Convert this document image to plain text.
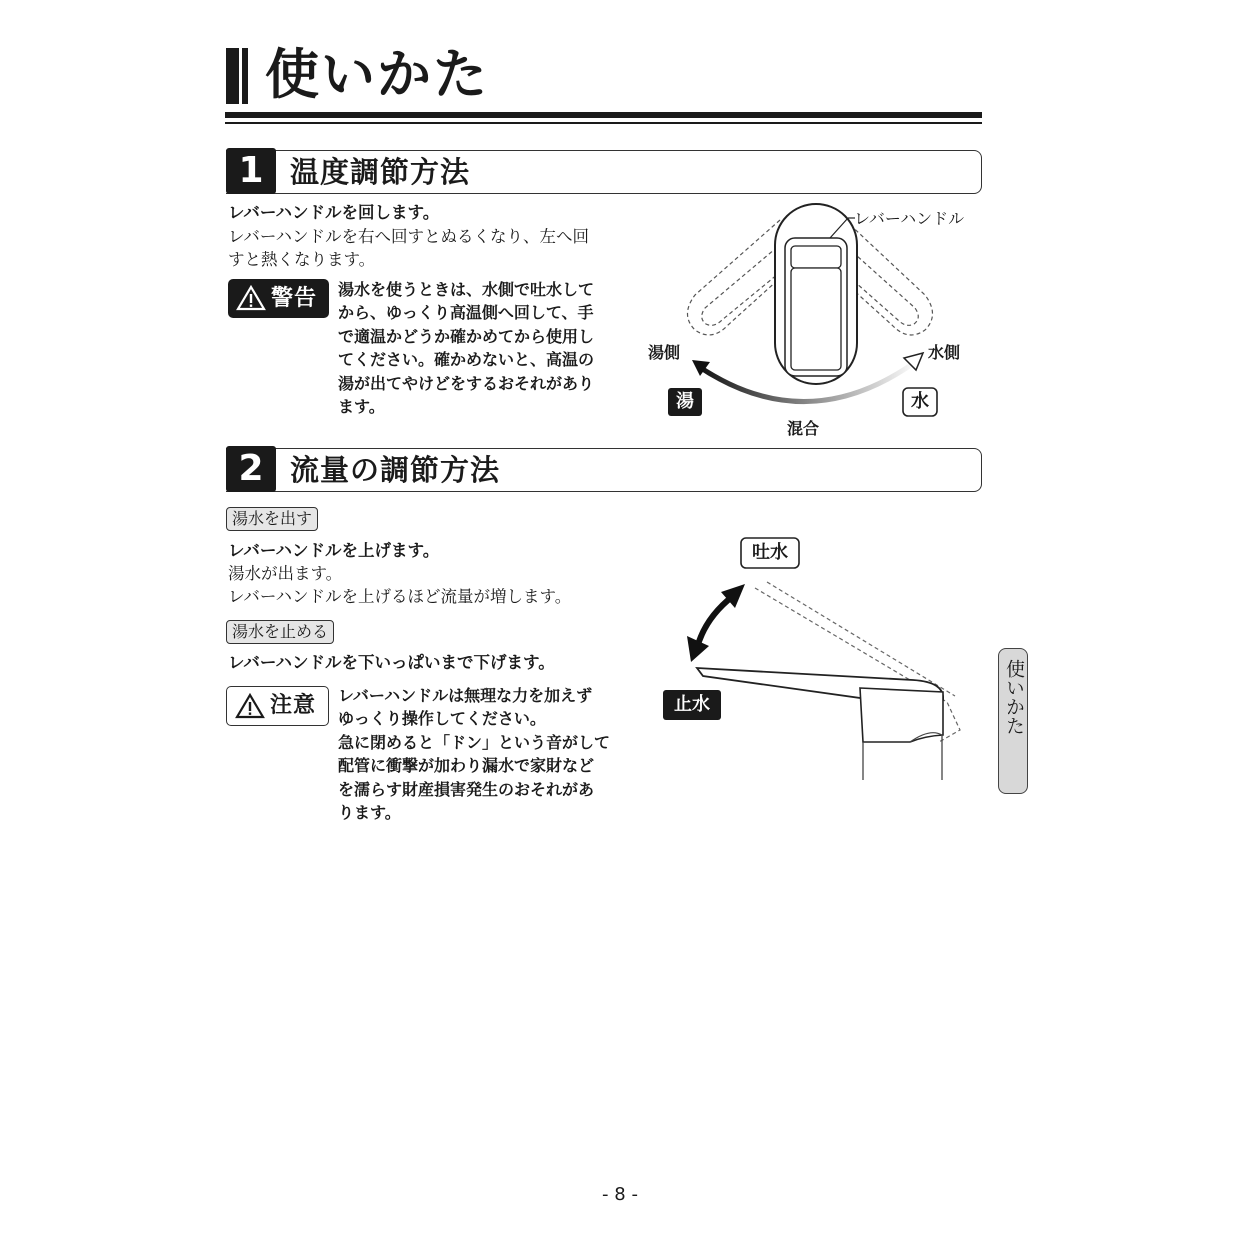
使いかた
1 温度調節方法
レバーハンドルを回します。
レバーハンドルを右へ回すとぬるくなり、左へ回
すと熱くなります。
警告 湯水を使うときは、水側で吐水して
から、ゆっくり高温側へ回して、手
で適温かどうか確かめてから使用し
てください。確かめないと、高温の
湯が出てやけどをするおそれがあり
ます。
レバーハンドル
湯側	水側
湯	水
混合
2 流量の調節方法
湯水を出す
レバーハンドルを上げます。
湯水が出ます。
レバーハンドルを上げるほど流量が増します。
湯水を止める
レバーハンドルを下いっぱいまで下げます。
注意 レバーハンドルは無理な力を加えず
ゆっくり操作してください。
急に閉めると「ドン」という音がして
配管に衝撃が加わり漏水で家財など
を濡らす財産損害発生のおそれがあ
ります。
吐水
止水	使いかた
- 8 -
